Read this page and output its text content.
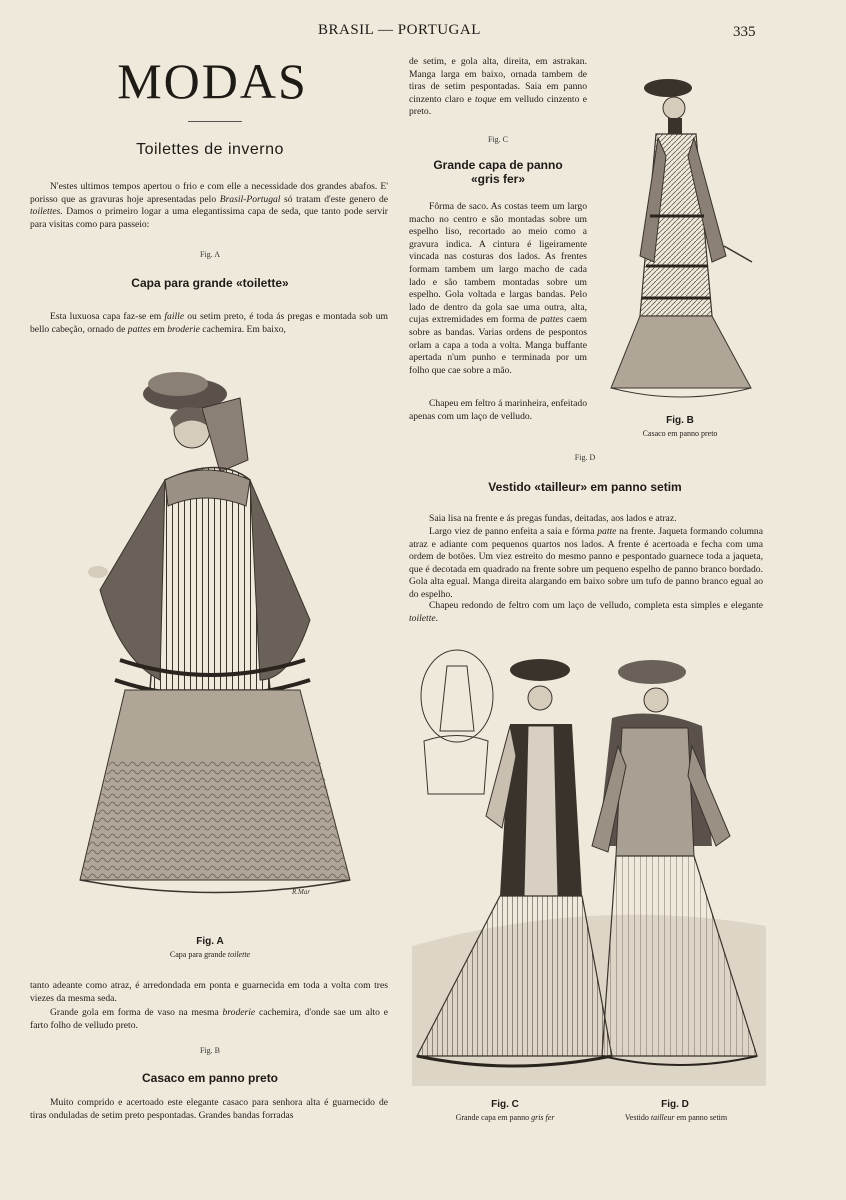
BRASIL — PORTUGAL	335
MODAS
Toilettes de inverno

N'estes ultimos tempos apertou o frio e com elle a necessidade dos grandes abafos. E' porisso que as gravuras hoje apresentadas pelo Brasil-Portugal só tratam d'este genero de toilettes. Damos o primeiro logar a uma elegantissima capa de seda, que tanto pode servir para visitas como para passeio:

Fig. A
Capa para grande «toilette»

Esta luxuosa capa faz-se em faille ou setim preto, é toda ás pregas e montada sob um bello cabeção, ornado de pattes em broderie cachemira. Em baixo,

R.Mar
Fig. A
Capa para grande toilette

tanto adeante como atraz, é arredondada em ponta e guarnecida em toda a volta com tres viezes da mesma seda.

Grande gola em forma de vaso na mesma broderie cachemira, d'onde sae um alto e farto folho de velludo preto.

Fig. B
Casaco em panno preto

Muito comprido e acertoado este elegante casaco para senhora alta é guarnecido de tiras onduladas de setim preto pespontadas. Grandes bandas forradas

de setim, e gola alta, direita, em astrakan. Manga larga em baixo, ornada tambem de tiras de setim pespontadas. Saia em panno cinzento claro e toque em velludo cinzento e preto.

Fig. C
Grande capa de panno
«gris fer»

Fôrma de saco. As costas teem um largo macho no centro e são montadas sobre um espelho liso, recortado ao meio como a gravura indica. A cintura é ligeiramente vincada nas costuras dos lados. As frentes formam tambem um largo macho de cada lado e são tambem montadas sobre um espelho. Gola voltada e largas bandas. Pelo lado de dentro da gola sae uma outra, alta, cujas extremidades em forma de pattes caem sobre as bandas. Varias ordens de pespontos orlam a capa a toda a volta. Manga buffante apertada n'um punho e terminada por um folho que cae sobre a mão.

Chapeu em feltro á marinheira, enfeitado apenas com um laço de velludo.	Fig. B
Casaco em panno preto
Fig. D
Vestido «tailleur» em panno setim

Saia lisa na frente e ás pregas fundas, deitadas, aos lados e atraz.

Largo viez de panno enfeita a saia e fórma patte na frente. Jaqueta formando columna atraz e adiante com pequenos quartos nos lados. A frente é acertoada e fecha com uma ordem de botões. Um viez estreito do mesmo panno e pespontado guarnece toda a jaqueta, que é decotada em quadrado na frente sobre um pequeno espelho de panno branco bordado. Gola alta egual. Manga direita alargando em baixo sobre um tufo de panno branco egual ao do espelho.

Chapeu redondo de feltro com um laço de velludo, completa esta simples e elegante toilette.

Fig. C
Grande capa em panno gris fer
Fig. D
Vestido tailleur em panno setim
